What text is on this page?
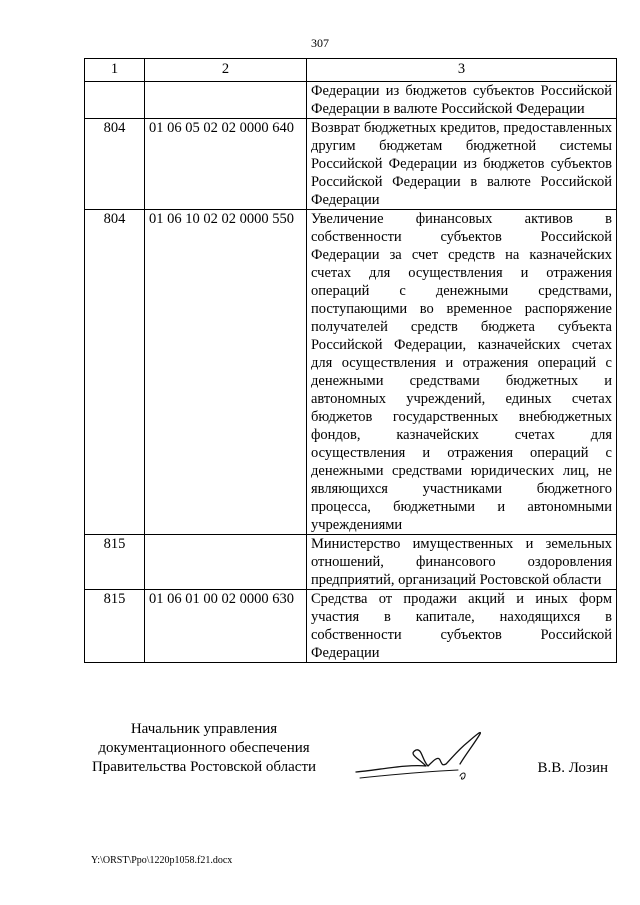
307
1	2	3
		Федерации из бюджетов субъектов Российской Федерации в валюте Российской Федерации
804	01 06 05 02 02 0000 640	Возврат бюджетных кредитов, предоставленных другим бюджетам бюджетной системы Российской Федерации из бюджетов субъектов Российской Федерации в валюте Российской Федерации
804	01 06 10 02 02 0000 550	Увеличение финансовых активов в собственности субъектов Российской Федерации за счет средств на казначейских счетах для осуществления и отражения операций с денежными средствами, поступающими во временное распоряжение получателей средств бюджета субъекта Российской Федерации, казначейских счетах для осуществления и отражения операций с денежными средствами бюджетных и автономных учреждений, единых счетах бюджетов государственных внебюджетных фондов, казначейских счетах для осуществления и отражения операций с денежными средствами юридических лиц, не являющихся участниками бюджетного процесса, бюджетными и автономными учреждениями
815		Министерство имущественных и земельных отношений, финансового оздоровления предприятий, организаций Ростовской области
815	01 06 01 00 02 0000 630	Средства от продажи акций и иных форм участия в капитале, находящихся в собственности субъектов Российской Федерации
Начальник управления
документационного обеспечения
Правительства Ростовской области	В.В. Лозин
Y:\ORST\Ppo\1220p1058.f21.docx
